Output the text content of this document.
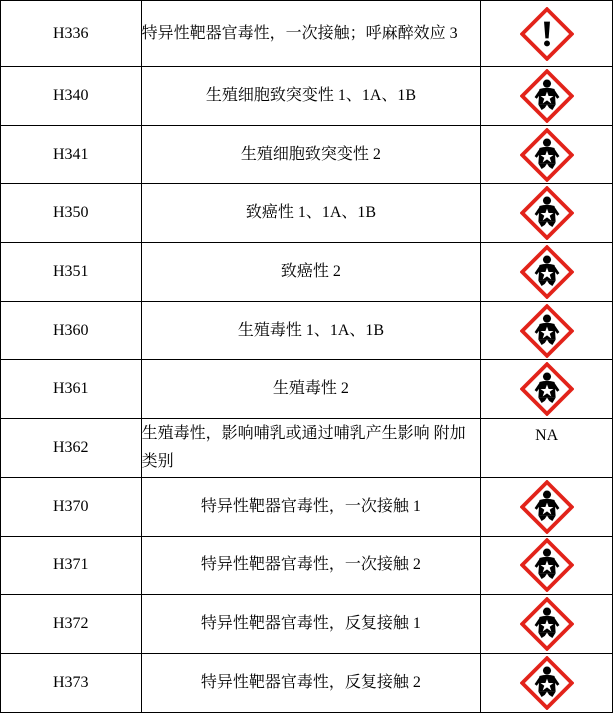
H336	特异性靶器官毒性，一次接触；呼麻醉效应 3

H340	生殖细胞致突变性 1、1A、1B	

H341	生殖细胞致突变性 2	

H350	致癌性 1、1A、1B	

H351	致癌性 2	

H360	生殖毒性 1、1A、1B	

H361	生殖毒性 2	

H362	生殖毒性，影响哺乳或通过哺乳产生影响 附加类别	NA
H370	特异性靶器官毒性，一次接触 1	

H371	特异性靶器官毒性，一次接触 2	

H372	特异性靶器官毒性，反复接触 1	

H373	特异性靶器官毒性，反复接触 2	
